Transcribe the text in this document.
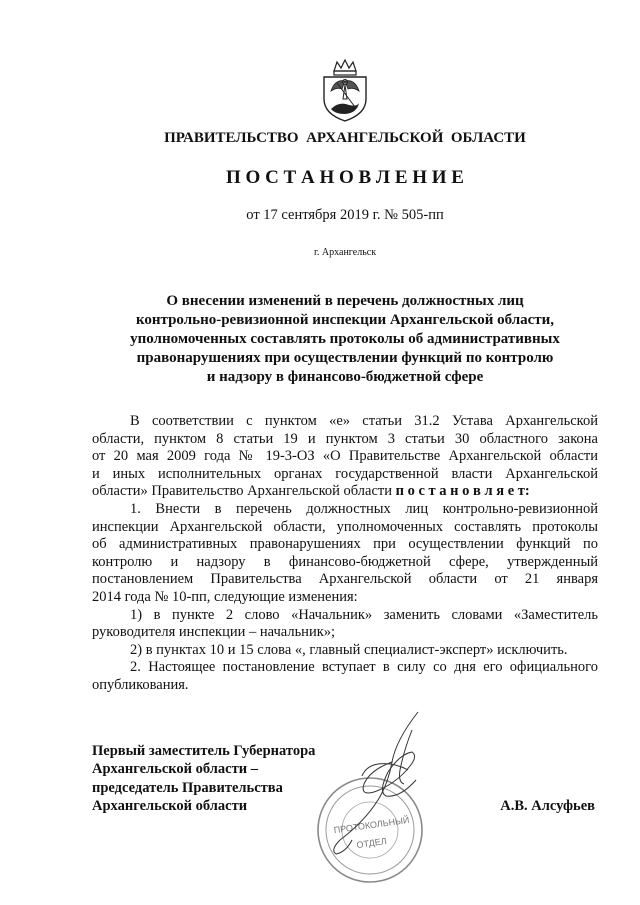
ПРАВИТЕЛЬСТВО  АРХАНГЕЛЬСКОЙ  ОБЛАСТИ
П О С Т А Н О В Л Е Н И Е
от 17 сентября 2019 г. № 505-пп
г. Архангельск
О внесении изменений в перечень должностных лиц
контрольно-ревизионной инспекции Архангельской области,
уполномоченных составлять протоколы об административных
правонарушениях при осуществлении функций по контролю
и надзору в финансово-бюджетной сфере
В соответствии с пунктом «е» статьи 31.2 Устава Архангельской
области, пунктом 8 статьи 19 и пунктом 3 статьи 30 областного закона
от 20 мая 2009 года № 19-3-ОЗ «О Правительстве Архангельской области
и иных исполнительных органах государственной власти Архангельской
области» Правительство Архангельской области п о с т а н о в л я е т:
1. Внести в перечень должностных лиц контрольно-ревизионной
инспекции Архангельской области, уполномоченных составлять протоколы
об административных правонарушениях при осуществлении функций по
контролю и надзору в финансово-бюджетной сфере, утвержденный
постановлением Правительства Архангельской области от 21 января
2014 года № 10-пп, следующие изменения:
1) в пункте 2 слово «Начальник» заменить словами «Заместитель
руководителя инспекции – начальник»;
2) в пунктах 10 и 15 слова «, главный специалист-эксперт» исключить.
2. Настоящее постановление вступает в силу со дня его официального
опубликования.
ПРОТОКОЛЬНЫЙ
ОТДЕЛ
Первый заместитель Губернатора
Архангельской области –
председатель Правительства
Архангельской области	А.В. Алсуфьев
